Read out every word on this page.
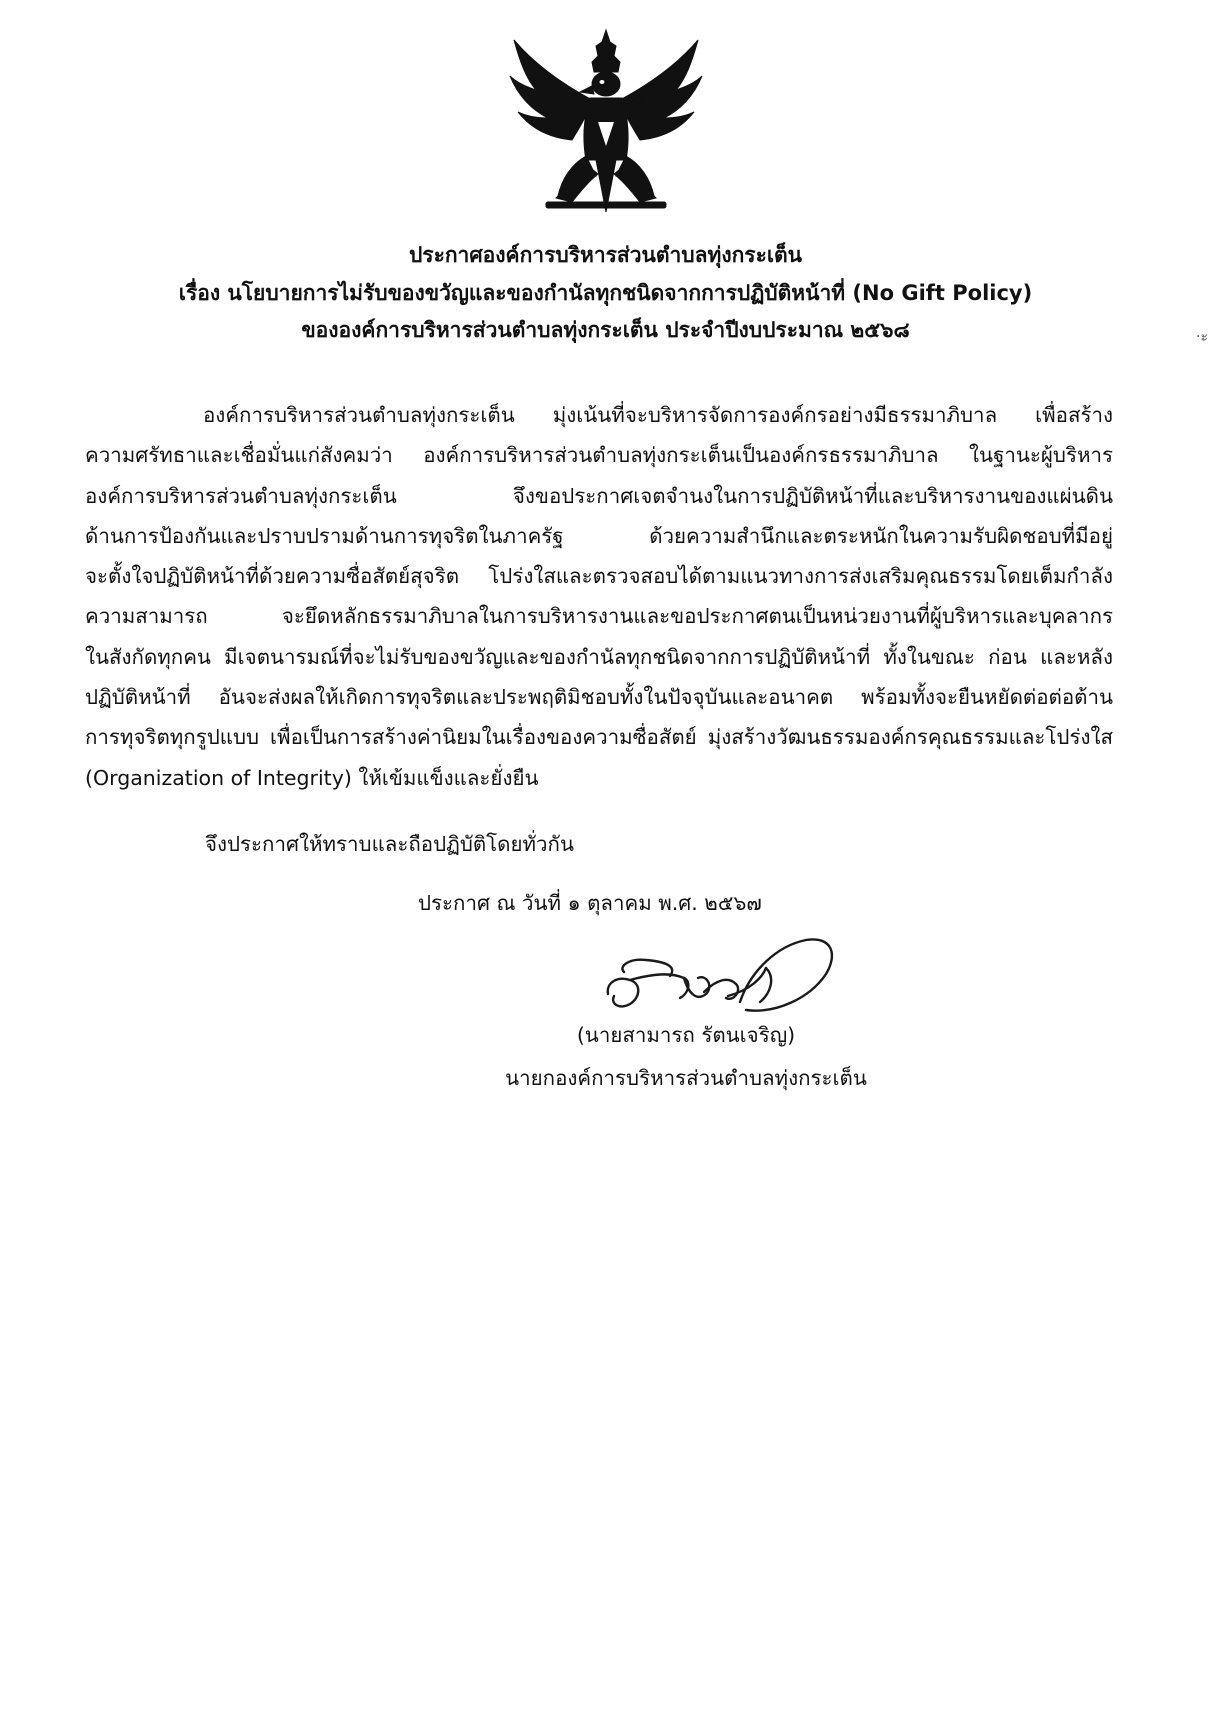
ประกาศองค์การบริหารส่วนตำบลทุ่งกระเต็น
เรื่อง นโยบายการไม่รับของขวัญและของกำนัลทุกชนิดจากการปฏิบัติหน้าที่ (No Gift Policy)
ขององค์การบริหารส่วนตำบลทุ่งกระเต็น ประจำปีงบประมาณ ๒๕๖๘
องค์การบริหารส่วนตำบลทุ่งกระเต็น มุ่งเน้นที่จะบริหารจัดการองค์กรอย่างมีธรรมาภิบาล เพื่อสร้าง
ความศรัทธาและเชื่อมั่นแก่สังคมว่า องค์การบริหารส่วนตำบลทุ่งกระเต็นเป็นองค์กรธรรมาภิบาล ในฐานะผู้บริหาร
องค์การบริหารส่วนตำบลทุ่งกระเต็น จึงขอประกาศเจตจำนงในการปฏิบัติหน้าที่และบริหารงานของแผ่นดิน
ด้านการป้องกันและปราบปรามด้านการทุจริตในภาครัฐ ด้วยความสำนึกและตระหนักในความรับผิดชอบที่มีอยู่
จะตั้งใจปฏิบัติหน้าที่ด้วยความซื่อสัตย์สุจริต โปร่งใสและตรวจสอบได้ตามแนวทางการส่งเสริมคุณธรรมโดยเต็มกำลัง
ความสามารถ จะยึดหลักธรรมาภิบาลในการบริหารงานและขอประกาศตนเป็นหน่วยงานที่ผู้บริหารและบุคลากร
ในสังกัดทุกคน มีเจตนารมณ์ที่จะไม่รับของขวัญและของกำนัลทุกชนิดจากการปฏิบัติหน้าที่ ทั้งในขณะ ก่อน และหลัง
ปฏิบัติหน้าที่ อันจะส่งผลให้เกิดการทุจริตและประพฤติมิชอบทั้งในปัจจุบันและอนาคต พร้อมทั้งจะยืนหยัดต่อต่อต้าน
การทุจริตทุกรูปแบบ เพื่อเป็นการสร้างค่านิยมในเรื่องของความซื่อสัตย์ มุ่งสร้างวัฒนธรรมองค์กรคุณธรรมและโปร่งใส
(Organization of Integrity) ให้เข้มแข็งและยั่งยืน
จึงประกาศให้ทราบและถือปฏิบัติโดยทั่วกัน
ประกาศ ณ วันที่ ๑ ตุลาคม พ.ศ. ๒๕๖๗
(นายสามารถ รัตนเจริญ)
นายกองค์การบริหารส่วนตำบลทุ่งกระเต็น
·ะ
